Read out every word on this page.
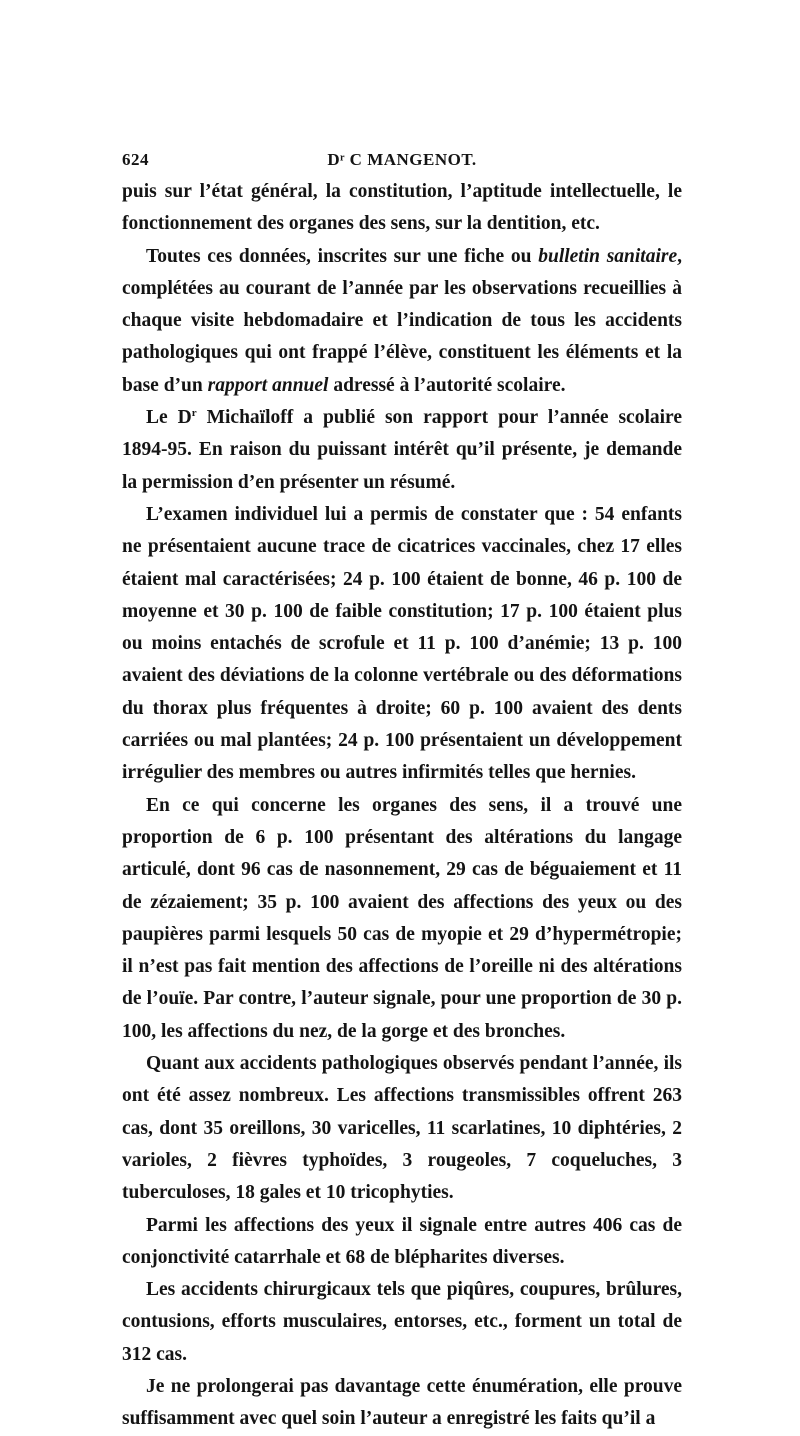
624	Dʳ C MANGENOT.

puis sur l’état général, la constitution, l’aptitude intellectuelle, le fonctionnement des organes des sens, sur la dentition, etc.

Toutes ces données, inscrites sur une fiche ou bulletin sanitaire, complétées au courant de l’année par les observations recueillies à chaque visite hebdomadaire et l’indication de tous les accidents pathologiques qui ont frappé l’élève, constituent les éléments et la base d’un rapport annuel adressé à l’autorité scolaire.

Le $D^r$ Michaïloff a publié son rapport pour l’année scolaire 1894-95. En raison du puissant intérêt qu’il présente, je demande la permission d’en présenter un résumé.

L’examen individuel lui a permis de constater que : 54 enfants ne présentaient aucune trace de cicatrices vaccinales, chez 17 elles étaient mal caractérisées; 24 p. 100 étaient de bonne, 46 p. 100 de moyenne et 30 p. 100 de faible constitution; 17 p. 100 étaient plus ou moins entachés de scrofule et 11 p. 100 d’anémie; 13 p. 100 avaient des déviations de la colonne vertébrale ou des déformations du thorax plus fréquentes à droite; 60 p. 100 avaient des dents carriées ou mal plantées; 24 p. 100 présentaient un développement irrégulier des membres ou autres infirmités telles que hernies.

En ce qui concerne les organes des sens, il a trouvé une proportion de 6 p. 100 présentant des altérations du langage articulé, dont 96 cas de nasonnement, 29 cas de béguaiement et 11 de zézaiement; 35 p. 100 avaient des affections des yeux ou des paupières parmi lesquels 50 cas de myopie et 29 d’hypermétropie; il n’est pas fait mention des affections de l’oreille ni des altérations de l’ouïe. Par contre, l’auteur signale, pour une proportion de 30 p. 100, les affections du nez, de la gorge et des bronches.

Quant aux accidents pathologiques observés pendant l’année, ils ont été assez nombreux. Les affections transmissibles offrent 263 cas, dont 35 oreillons, 30 varicelles, 11 scarlatines, 10 diphtéries, 2 varioles, 2 fièvres typhoïdes, 3 rougeoles, 7 coqueluches, 3 tuberculoses, 18 gales et 10 tricophyties.

Parmi les affections des yeux il signale entre autres 406 cas de conjonctivité catarrhale et 68 de blépharites diverses.

Les accidents chirurgicaux tels que piqûres, coupures, brûlures, contusions, efforts musculaires, entorses, etc., forment un total de 312 cas.

Je ne prolongerai pas davantage cette énumération, elle prouve suffisamment avec quel soin l’auteur a enregistré les faits qu’il a
